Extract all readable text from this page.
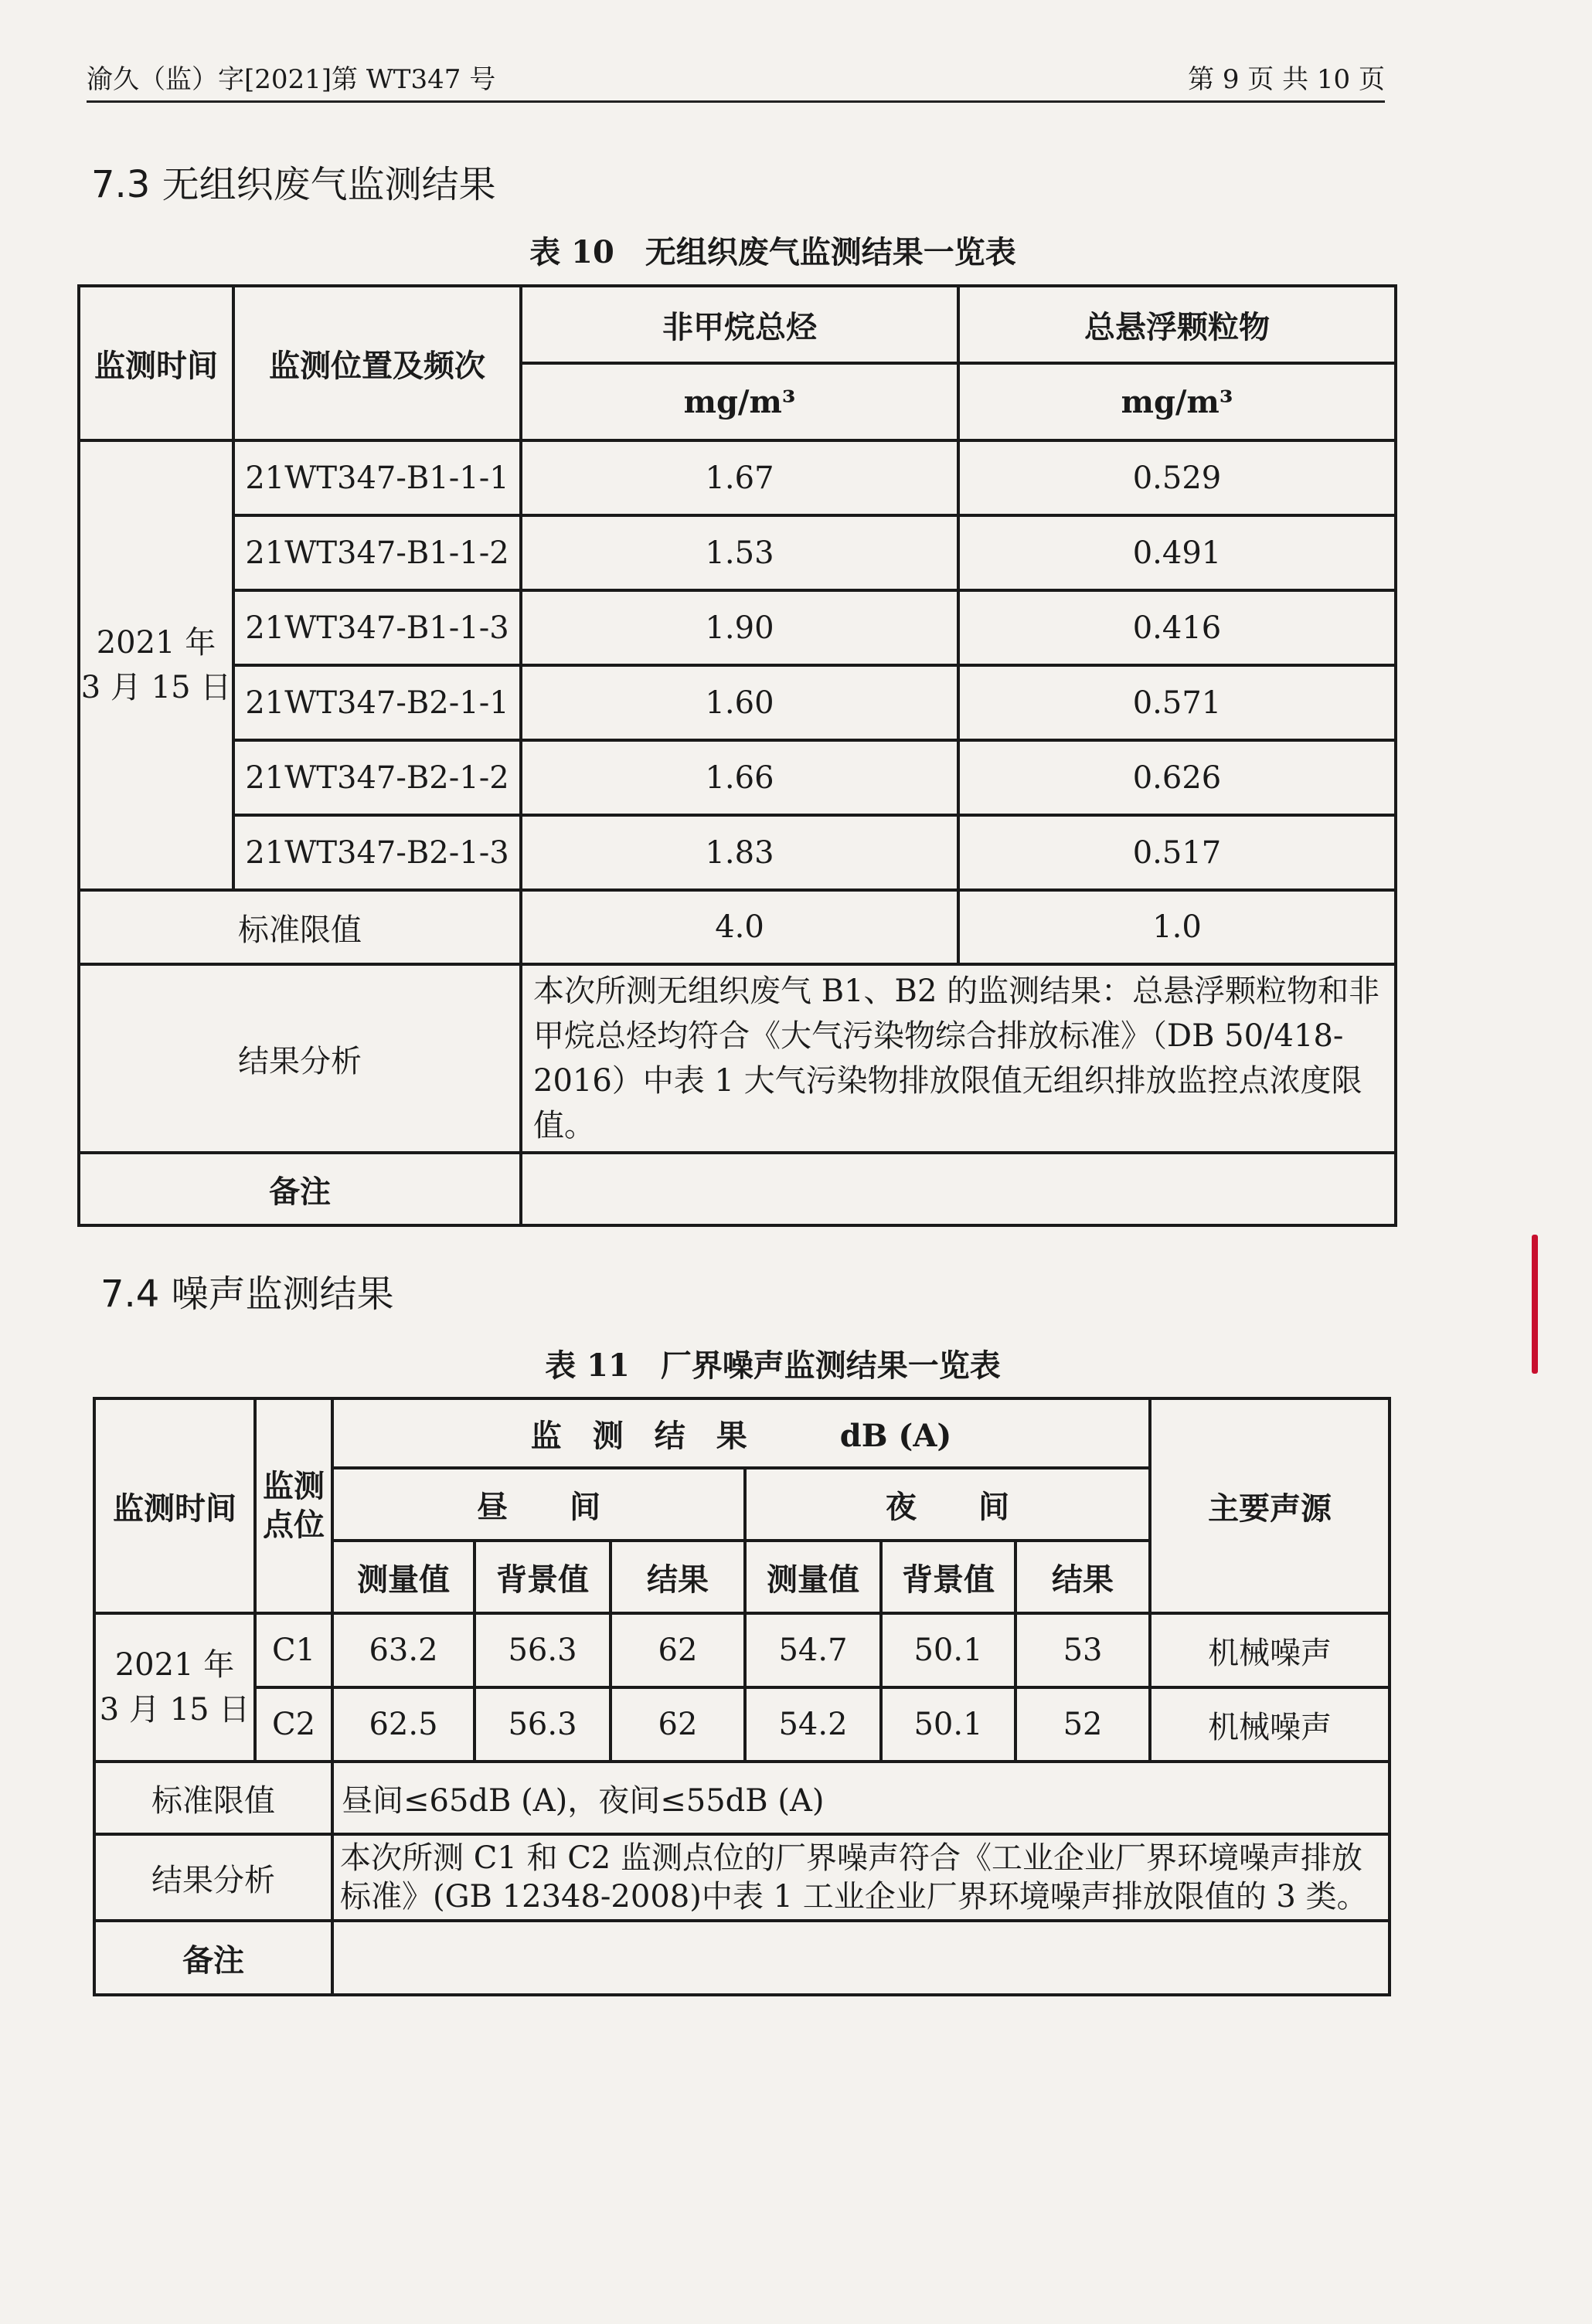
渝久（监）字[2021]第 WT347 号	第 9 页 共 10 页
7.3 无组织废气监测结果
表 10　无组织废气监测结果一览表
监测时间	监测位置及频次	非甲烷总烃	总悬浮颗粒物
		mg/m³	mg/m³
2021 年
3 月 15 日	21WT347-B1-1-1	1.67	0.529
	21WT347-B1-1-2	1.53	0.491
	21WT347-B1-1-3	1.90	0.416
	21WT347-B2-1-1	1.60	0.571
	21WT347-B2-1-2	1.66	0.626
	21WT347-B2-1-3	1.83	0.517
标准限值		4.0	1.0
结果分析		本次所测无组织废气 B1、B2 的监测结果：总悬浮颗粒物和非甲烷总烃均符合《大气污染物综合排放标准》（DB 50/418-2016）中表 1 大气污染物排放限值无组织排放监控点浓度限值。	
备注			
7.4 噪声监测结果
表 11　厂界噪声监测结果一览表
监测时间	监测点位	监　测　结　果　　　dB (A)						主要声源
		昼　　间			夜　　间			
		测量值	背景值	结果	测量值	背景值	结果	
2021 年
3 月 15 日	C1	63.2	56.3	62	54.7	50.1	53	机械噪声
	C2	62.5	56.3	62	54.2	50.1	52	机械噪声
标准限值		昼间≤65dB (A)，夜间≤55dB (A)						
结果分析		本次所测 C1 和 C2 监测点位的厂界噪声符合《工业企业厂界环境噪声排放标准》(GB 12348-2008)中表 1 工业企业厂界环境噪声排放限值的 3 类。						
备注								
